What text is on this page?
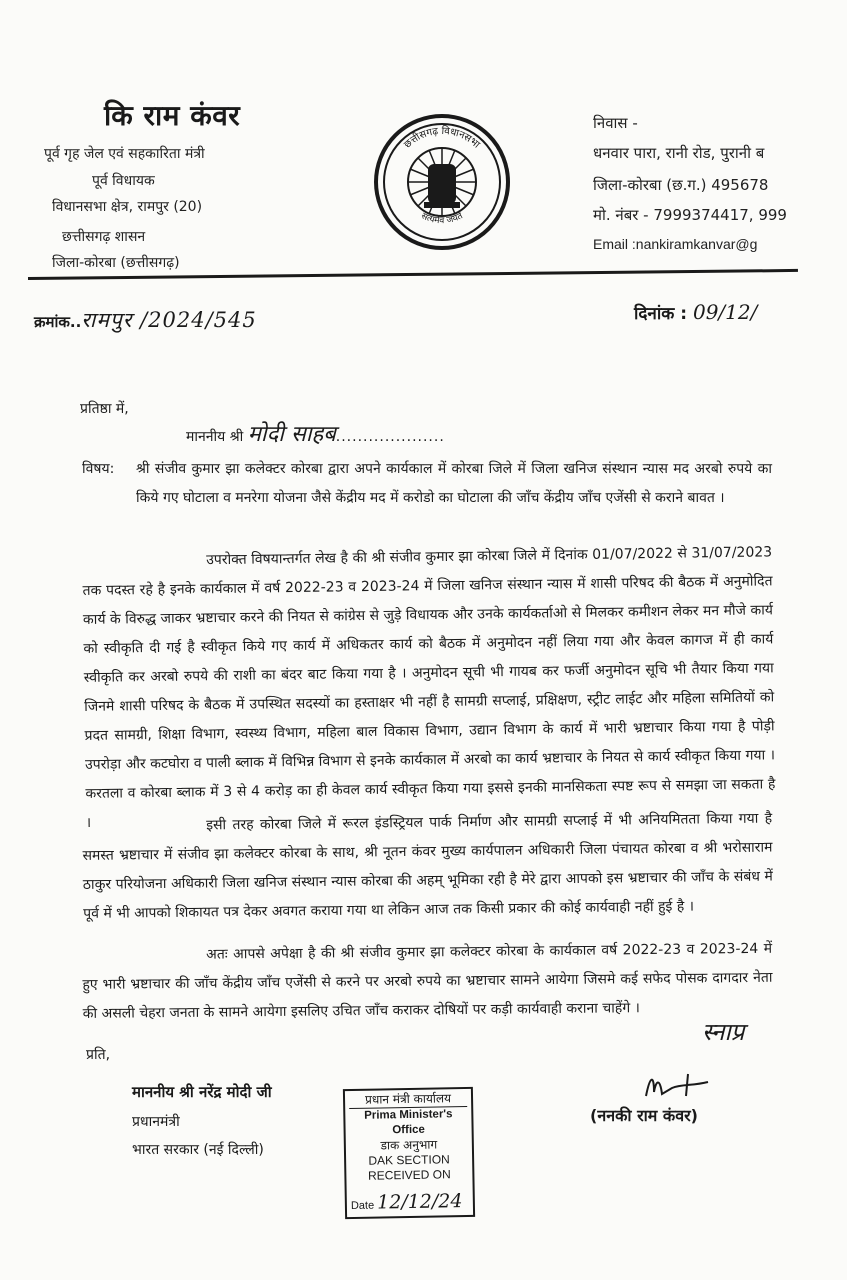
कि राम कंवर
पूर्व गृह जेल एवं सहकारिता मंत्री
पूर्व विधायक
विधानसभा क्षेत्र, रामपुर (20)
छत्तीसगढ़ शासन
जिला-कोरबा (छत्तीसगढ़)
छत्तीसगढ़ विधानसभा
सत्यमेव जयते
निवास -
धनवार पारा, रानी रोड, पुरानी ब
जिला-कोरबा (छ.ग.) 495678
मो. नंबर - 7999374417, 999
Email :nankiramkanvar@g
क्रमांक..रामपुर /2024/545	दिनांक : 09/12/
प्रतिष्ठा में,
माननीय श्री मोदी साहब....................
विषय: श्री संजीव कुमार झा कलेक्टर कोरबा द्वारा अपने कार्यकाल में कोरबा जिले में जिला खनिज संस्थान न्यास मद अरबो रुपये का किये गए घोटाला व मनरेगा योजना जैसे केंद्रीय मद में करोडो का घोटाला की जाँच केंद्रीय जाँच एजेंसी से कराने बावत ।
उपरोक्त विषयान्तर्गत लेख है की श्री संजीव कुमार झा कोरबा जिले में दिनांक 01/07/2022 से 31/07/2023 तक पदस्त रहे है इनके कार्यकाल में वर्ष 2022-23 व 2023-24 में जिला खनिज संस्थान न्यास में शासी परिषद की बैठक में अनुमोदित कार्य के विरुद्ध जाकर भ्रष्टाचार करने की नियत से कांग्रेस से जुड़े विधायक और उनके कार्यकर्ताओ से मिलकर कमीशन लेकर मन मौजे कार्य को स्वीकृति दी गई है स्वीकृत किये गए कार्य में अधिकतर कार्य को बैठक में अनुमोदन नहीं लिया गया और केवल कागज में ही कार्य स्वीकृति कर अरबो रुपये की राशी का बंदर बाट किया गया है । अनुमोदन सूची भी गायब कर फर्जी अनुमोदन सूचि भी तैयार किया गया जिनमे शासी परिषद के बैठक में उपस्थित सदस्यों का हस्ताक्षर भी नहीं है सामग्री सप्लाई, प्रक्षिक्षण, स्ट्रीट लाईट और महिला समितियों को प्रदत सामग्री, शिक्षा विभाग, स्वस्थ्य विभाग, महिला बाल विकास विभाग, उद्यान विभाग के कार्य में भारी भ्रष्टाचार किया गया है पोड़ी उपरोड़ा और कटघोरा व पाली ब्लाक में विभिन्न विभाग से इनके कार्यकाल में अरबो का कार्य भ्रष्टाचार के नियत से कार्य स्वीकृत किया गया । करतला व कोरबा ब्लाक में 3 से 4 करोड़ का ही केवल कार्य स्वीकृत किया गया इससे इनकी मानसिकता स्पष्ट रूप से समझा जा सकता है ।	इसी तरह कोरबा जिले में रूरल इंडस्ट्रियल पार्क निर्माण और सामग्री सप्लाई में भी अनियमितता किया गया है समस्त भ्रष्टाचार में संजीव झा कलेक्टर कोरबा के साथ, श्री नूतन कंवर मुख्य कार्यपालन अधिकारी जिला पंचायत कोरबा व श्री भरोसाराम ठाकुर परियोजना अधिकारी जिला खनिज संस्थान न्यास कोरबा की अहम् भूमिका रही है मेरे द्वारा आपको इस भ्रष्टाचार की जाँच के संबंध में पूर्व में भी आपको शिकायत पत्र देकर अवगत कराया गया था लेकिन आज तक किसी प्रकार की कोई कार्यवाही नहीं हुई है ।
अतः आपसे अपेक्षा है की श्री संजीव कुमार झा कलेक्टर कोरबा के कार्यकाल वर्ष 2022-23 व 2023-24 में हुए भारी भ्रष्टाचार की जाँच केंद्रीय जाँच एजेंसी से करने पर अरबो रुपये का भ्रष्टाचार सामने आयेगा जिसमे कई सफेद पोसक दागदार नेता की असली चेहरा जनता के सामने आयेगा इसलिए उचित जाँच कराकर दोषियों पर कड़ी कार्यवाही कराना चाहेंगे ।
स्नाप्र
प्रति,
माननीय श्री नरेंद्र मोदी जी
प्रधानमंत्री
भारत सरकार (नई दिल्ली)
प्रधान मंत्री कार्यालय
Prima Minister's Office
डाक अनुभाग
DAK SECTION
RECEIVED ON
Date 12/12/24
(ननकी राम कंवर)
